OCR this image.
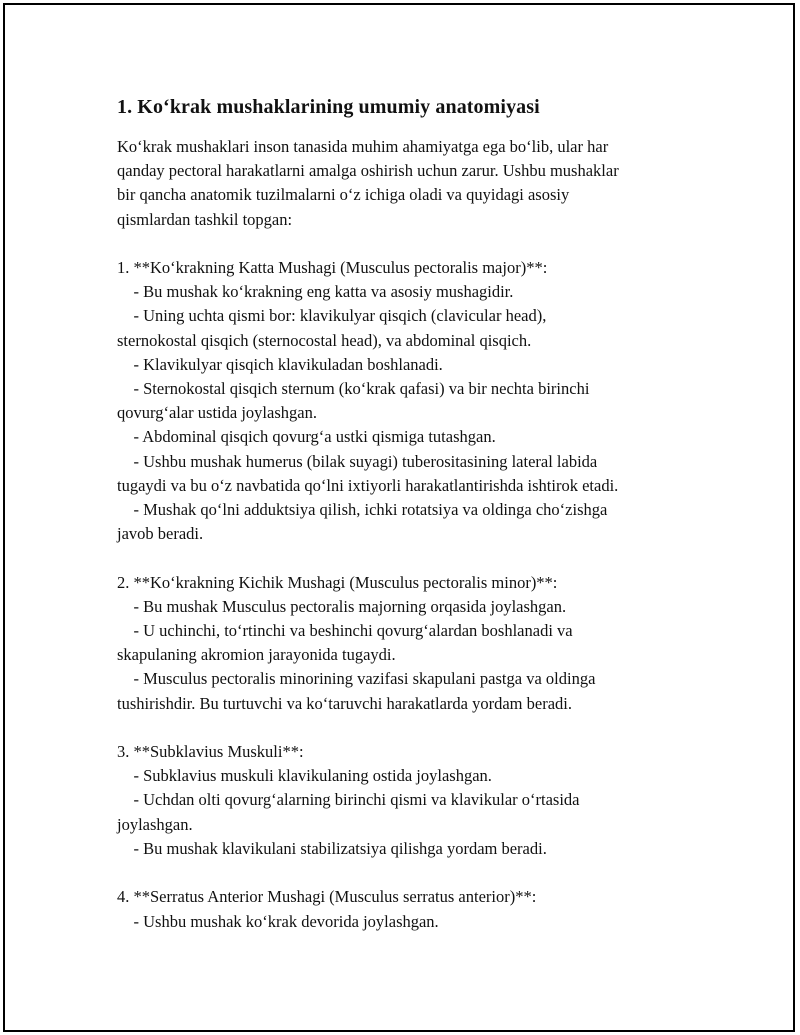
1. Ko‘krak mushaklarining umumiy anatomiyasi

Ko‘krak mushaklari inson tanasida muhim ahamiyatga ega bo‘lib, ular har
qanday pectoral harakatlarni amalga oshirish uchun zarur. Ushbu mushaklar
bir qancha anatomik tuzilmalarni o‘z ichiga oladi va quyidagi asosiy
qismlardan tashkil topgan:

1. **Ko‘krakning Katta Mushagi (Musculus pectoralis major)**:
- Bu mushak ko‘krakning eng katta va asosiy mushagidir.
- Uning uchta qismi bor: klavikulyar qisqich (clavicular head),
sternokostal qisqich (sternocostal head), va abdominal qisqich.
- Klavikulyar qisqich klavikuladan boshlanadi.
- Sternokostal qisqich sternum (ko‘krak qafasi) va bir nechta birinchi
qovurg‘alar ustida joylashgan.
- Abdominal qisqich qovurg‘a ustki qismiga tutashgan.
- Ushbu mushak humerus (bilak suyagi) tuberositasining lateral labida
tugaydi va bu o‘z navbatida qo‘lni ixtiyorli harakatlantirishda ishtirok etadi.
- Mushak qo‘lni adduktsiya qilish, ichki rotatsiya va oldinga cho‘zishga
javob beradi.

2. **Ko‘krakning Kichik Mushagi (Musculus pectoralis minor)**:
- Bu mushak Musculus pectoralis majorning orqasida joylashgan.
- U uchinchi, to‘rtinchi va beshinchi qovurg‘alardan boshlanadi va
skapulaning akromion jarayonida tugaydi.
- Musculus pectoralis minorining vazifasi skapulani pastga va oldinga
tushirishdir. Bu turtuvchi va ko‘taruvchi harakatlarda yordam beradi.

3. **Subklavius Muskuli**:
- Subklavius muskuli klavikulaning ostida joylashgan.
- Uchdan olti qovurg‘alarning birinchi qismi va klavikular o‘rtasida
joylashgan.
- Bu mushak klavikulani stabilizatsiya qilishga yordam beradi.

4. **Serratus Anterior Mushagi (Musculus serratus anterior)**:
- Ushbu mushak ko‘krak devorida joylashgan.
